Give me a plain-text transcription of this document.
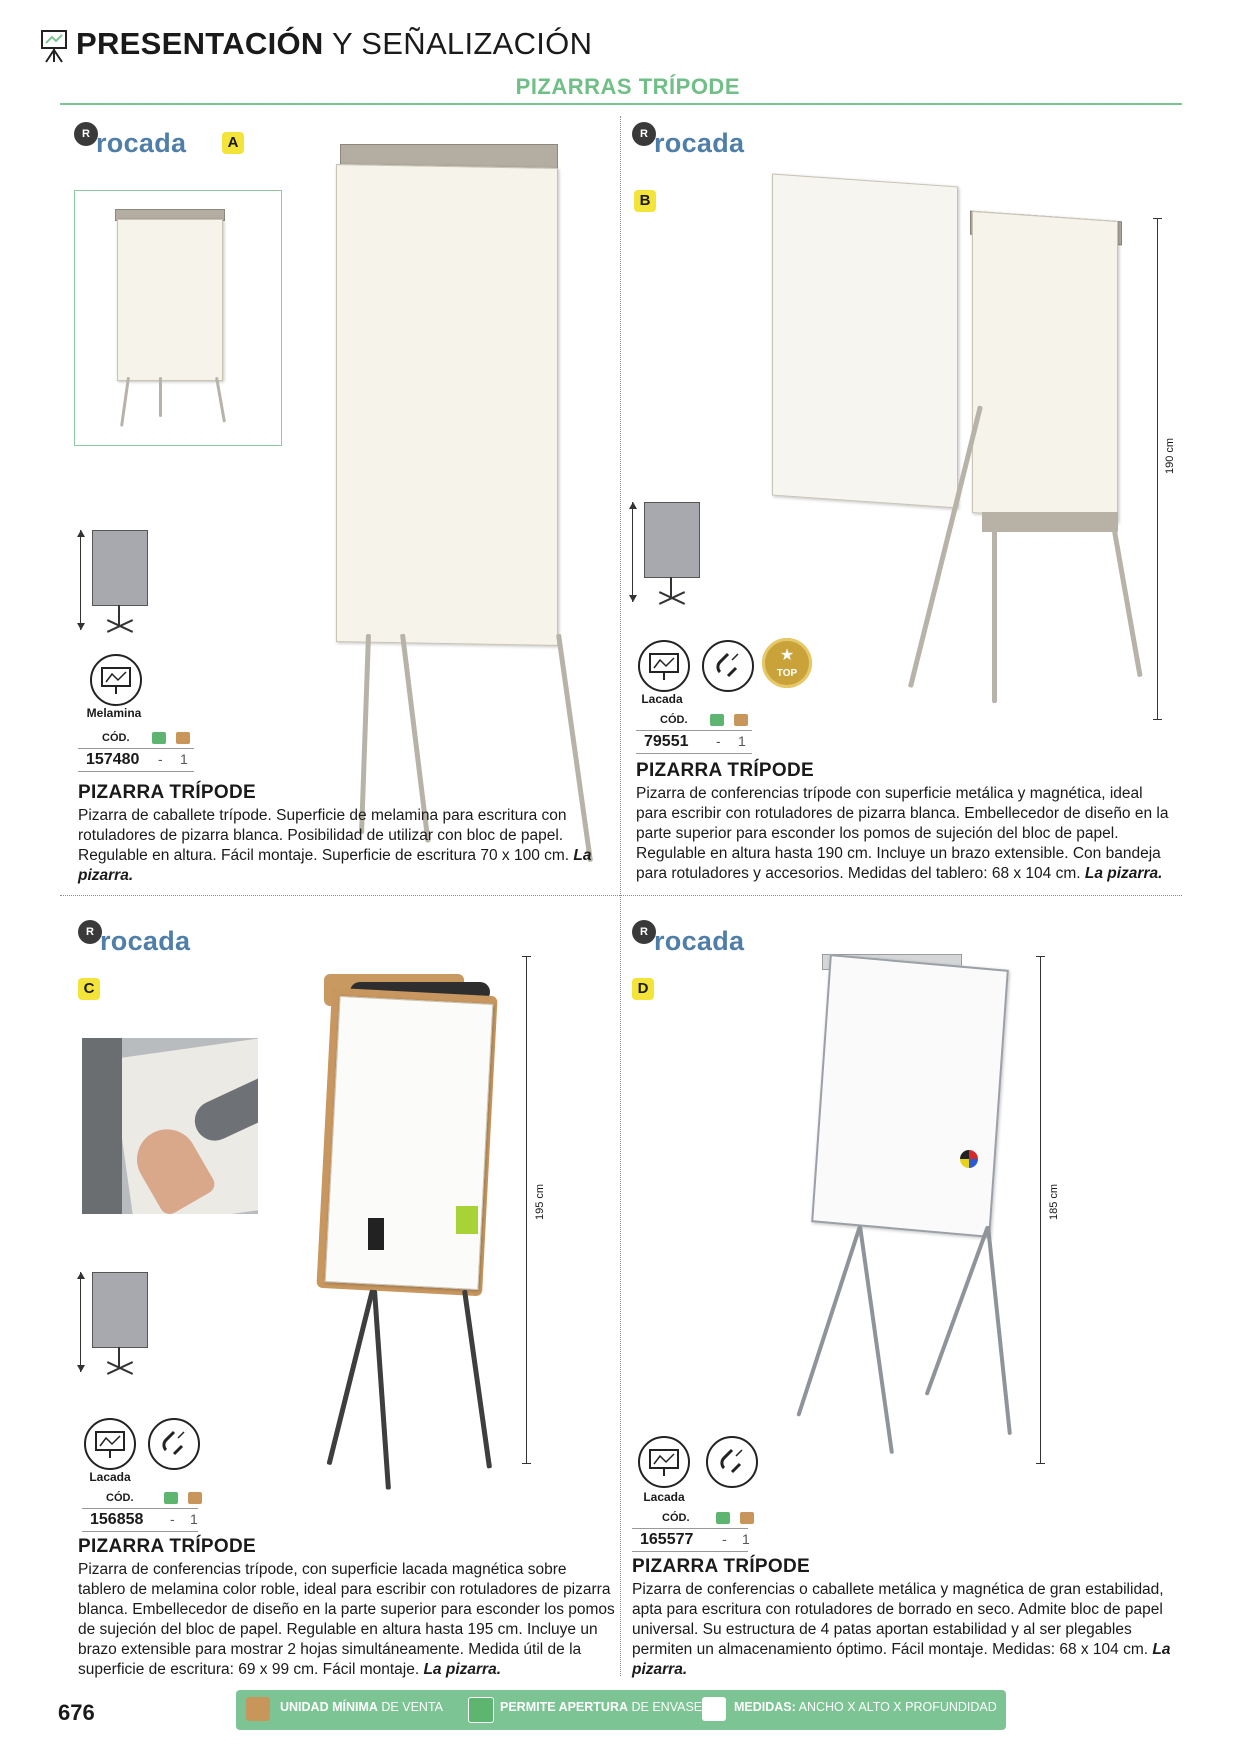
PRESENTACIÓN Y SEÑALIZACIÓN
PIZARRAS TRÍPODE
R rocada	A
Melamina
CÓD.
157480 - 1
PIZARRA TRÍPODE
Pizarra de caballete trípode. Superficie de melamina para escritura con rotuladores de pizarra blanca. Posibilidad de utilizar con bloc de papel. Regulable en altura. Fácil montaje. Superficie de escritura 70 x 100 cm. La pizarra.
R rocada
B
190 cm
★
TOP
Lacada
CÓD.
79551 - 1
PIZARRA TRÍPODE
Pizarra de conferencias trípode con superficie metálica y magnética, ideal para escribir con rotuladores de pizarra blanca. Embellecedor de diseño en la parte superior para esconder los pomos de sujeción del bloc de papel. Regulable en altura hasta 190 cm. Incluye un brazo extensible. Con bandeja para rotuladores y accesorios. Medidas del tablero: 68 x 104 cm. La pizarra.
R rocada
C
195 cm
Lacada
CÓD.
156858 - 1
PIZARRA TRÍPODE
Pizarra de conferencias trípode, con superficie lacada magnética sobre tablero de melamina color roble, ideal para escribir con rotuladores de pizarra blanca. Embellecedor de diseño en la parte superior para esconder los pomos de sujeción del bloc de papel. Regulable en altura hasta 195 cm. Incluye un brazo extensible para mostrar 2 hojas simultáneamente. Medida útil de la superficie de escritura: 69 x 99 cm. Fácil montaje. La pizarra.
R rocada
D
185 cm
Lacada
CÓD.
165577 - 1
PIZARRA TRÍPODE
Pizarra de conferencias o caballete metálica y magnética de gran estabilidad, apta para escritura con rotuladores de borrado en seco. Admite bloc de papel universal. Su estructura de 4 patas aportan estabilidad y al ser plegables permiten un almacenamiento óptimo. Fácil montaje. Medidas: 68 x 104 cm. La pizarra.
676	UNIDAD MÍNIMA DE VENTA	PERMITE APERTURA DE ENVASE	MEDIDAS: ANCHO X ALTO X PROFUNDIDAD
